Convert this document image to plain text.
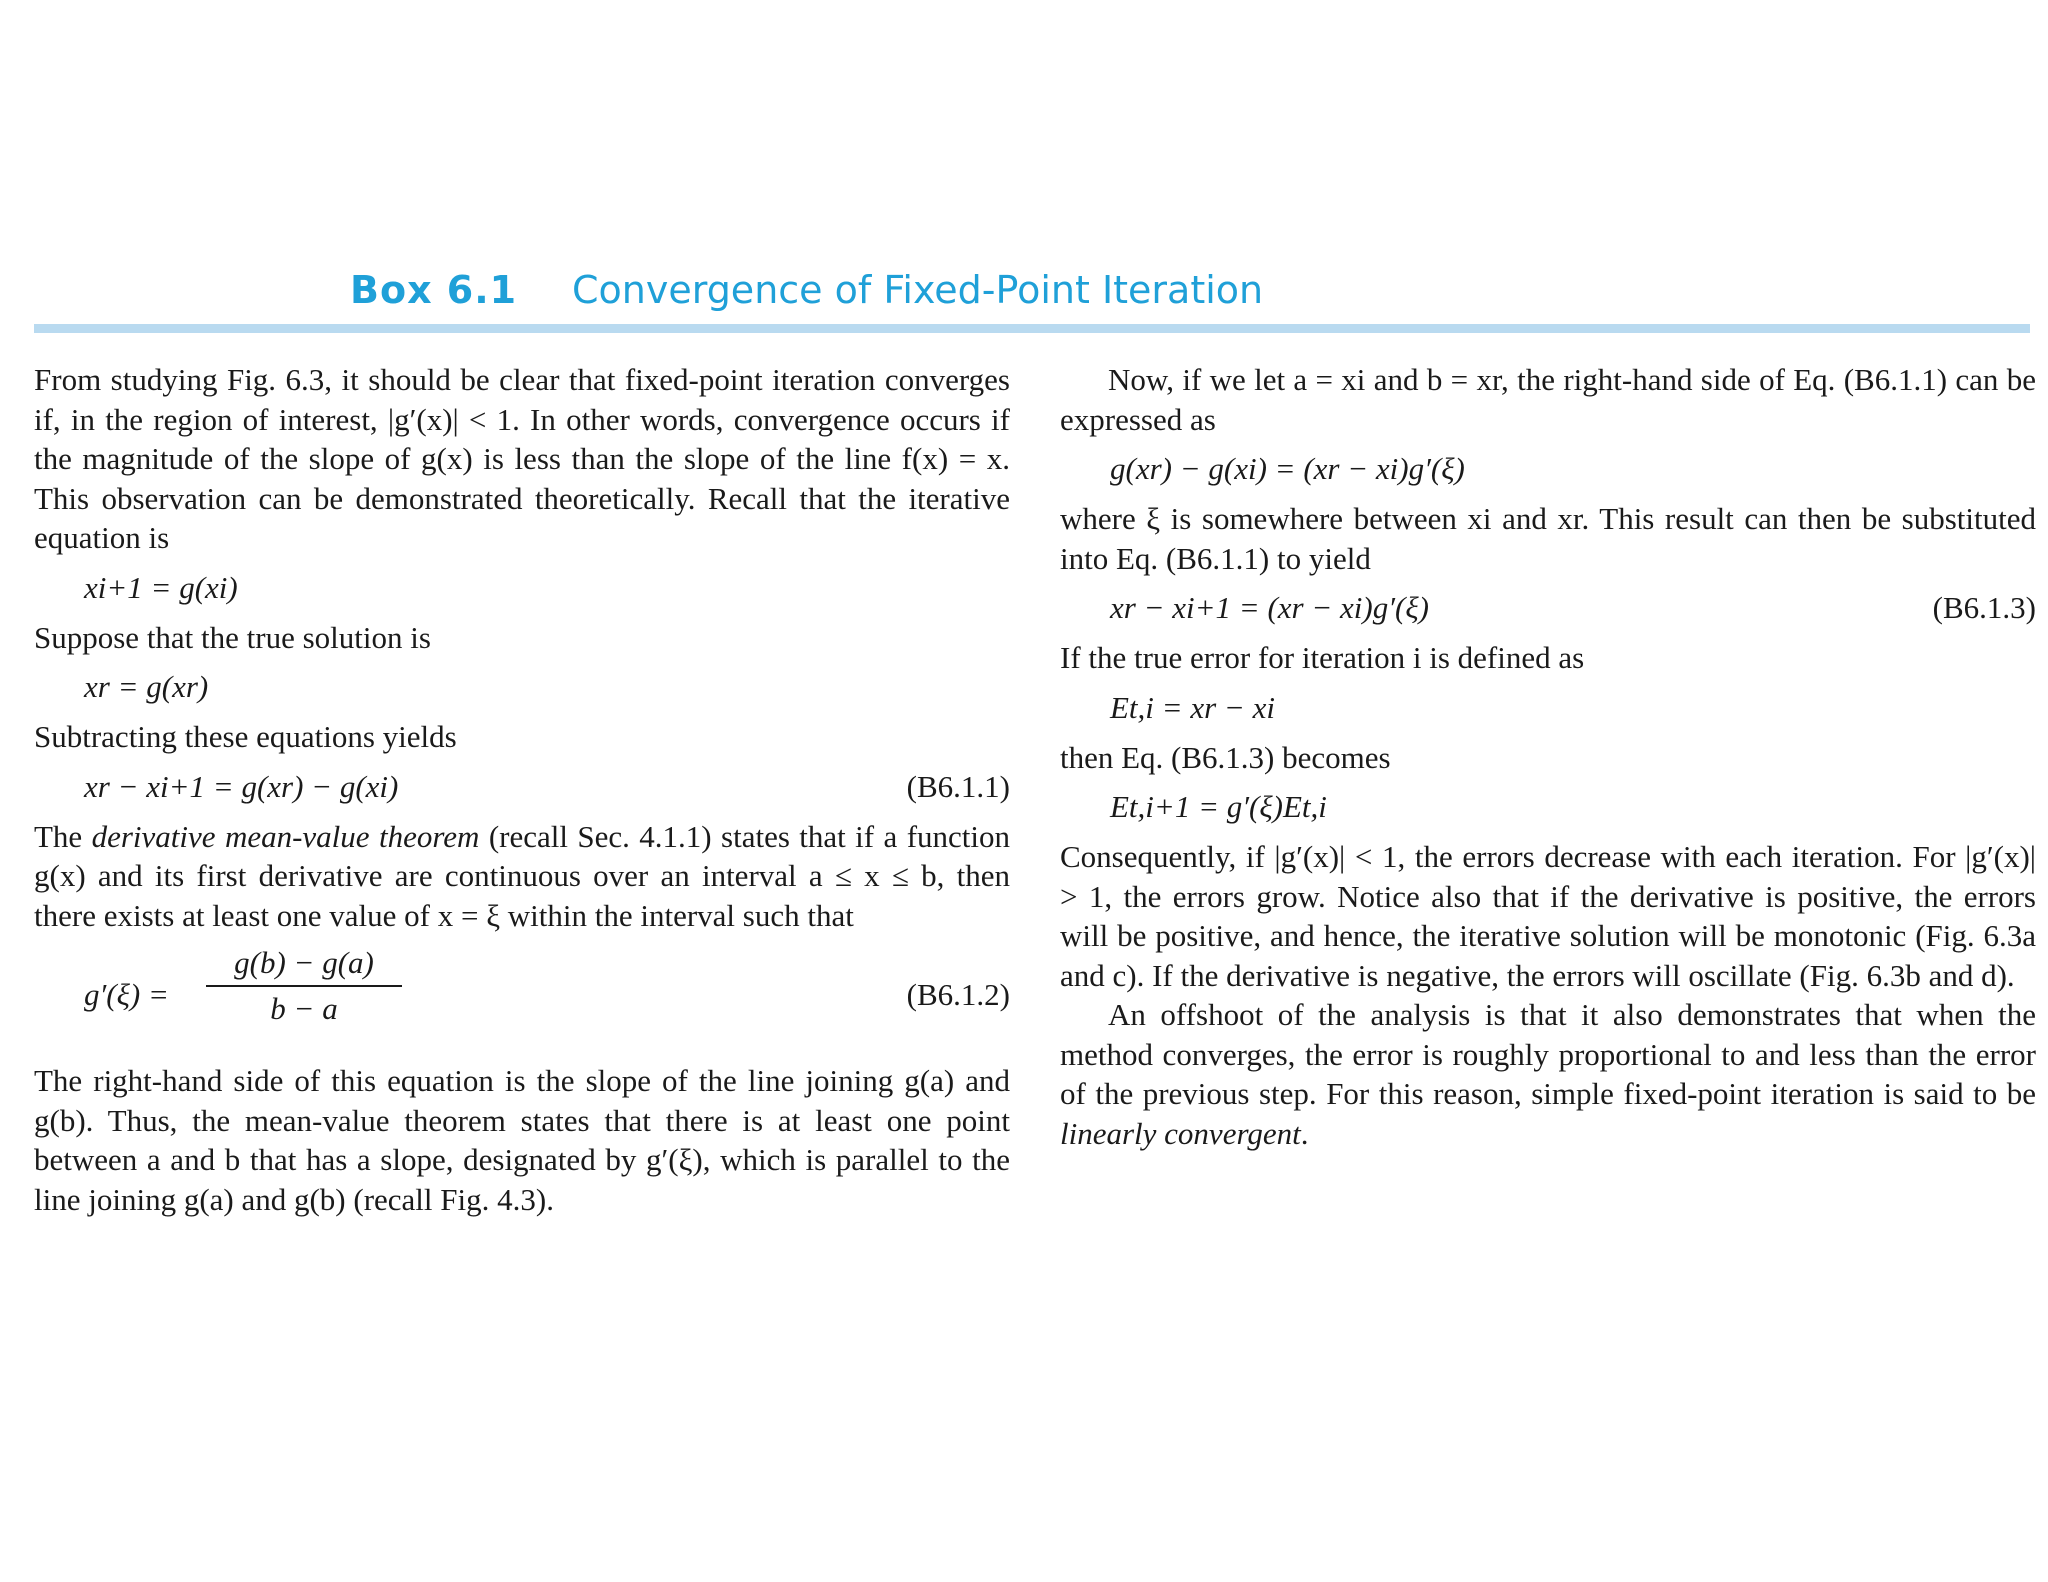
Box 6.1 Convergence of Fixed-Point Iteration

From studying Fig. 6.3, it should be clear that fixed-point iteration converges if, in the region of interest, |g′(x)| < 1. In other words, convergence occurs if the magnitude of the slope of g(x) is less than the slope of the line f(x) = x. This observation can be demonstrated theoretically. Recall that the iterative equation is

xi+1 = g(xi)

Suppose that the true solution is

xr = g(xr)

Subtracting these equations yields

xr − xi+1 = g(xr) − g(xi)	(B6.1.1)

The derivative mean-value theorem (recall Sec. 4.1.1) states that if a function g(x) and its first derivative are continuous over an interval a ≤ x ≤ b, then there exists at least one value of x = ξ within the interval such that

$g'(\xi) = \frac{g(b) - g(a)}{b - a}$	(B6.1.2)

The right-hand side of this equation is the slope of the line joining g(a) and g(b). Thus, the mean-value theorem states that there is at least one point between a and b that has a slope, designated by g′(ξ), which is parallel to the line joining g(a) and g(b) (recall Fig. 4.3).

Now, if we let a = xi and b = xr, the right-hand side of Eq. (B6.1.1) can be expressed as

g(xr) − g(xi) = (xr − xi)g′(ξ)

where ξ is somewhere between xi and xr. This result can then be substituted into Eq. (B6.1.1) to yield

xr − xi+1 = (xr − xi)g′(ξ)	(B6.1.3)

If the true error for iteration i is defined as

Et,i = xr − xi

then Eq. (B6.1.3) becomes

Et,i+1 = g′(ξ)Et,i

Consequently, if |g′(x)| < 1, the errors decrease with each iteration. For |g′(x)| > 1, the errors grow. Notice also that if the derivative is positive, the errors will be positive, and hence, the iterative solution will be monotonic (Fig. 6.3a and c). If the derivative is negative, the errors will oscillate (Fig. 6.3b and d).

An offshoot of the analysis is that it also demonstrates that when the method converges, the error is roughly proportional to and less than the error of the previous step. For this reason, simple fixed-point iteration is said to be linearly convergent.
